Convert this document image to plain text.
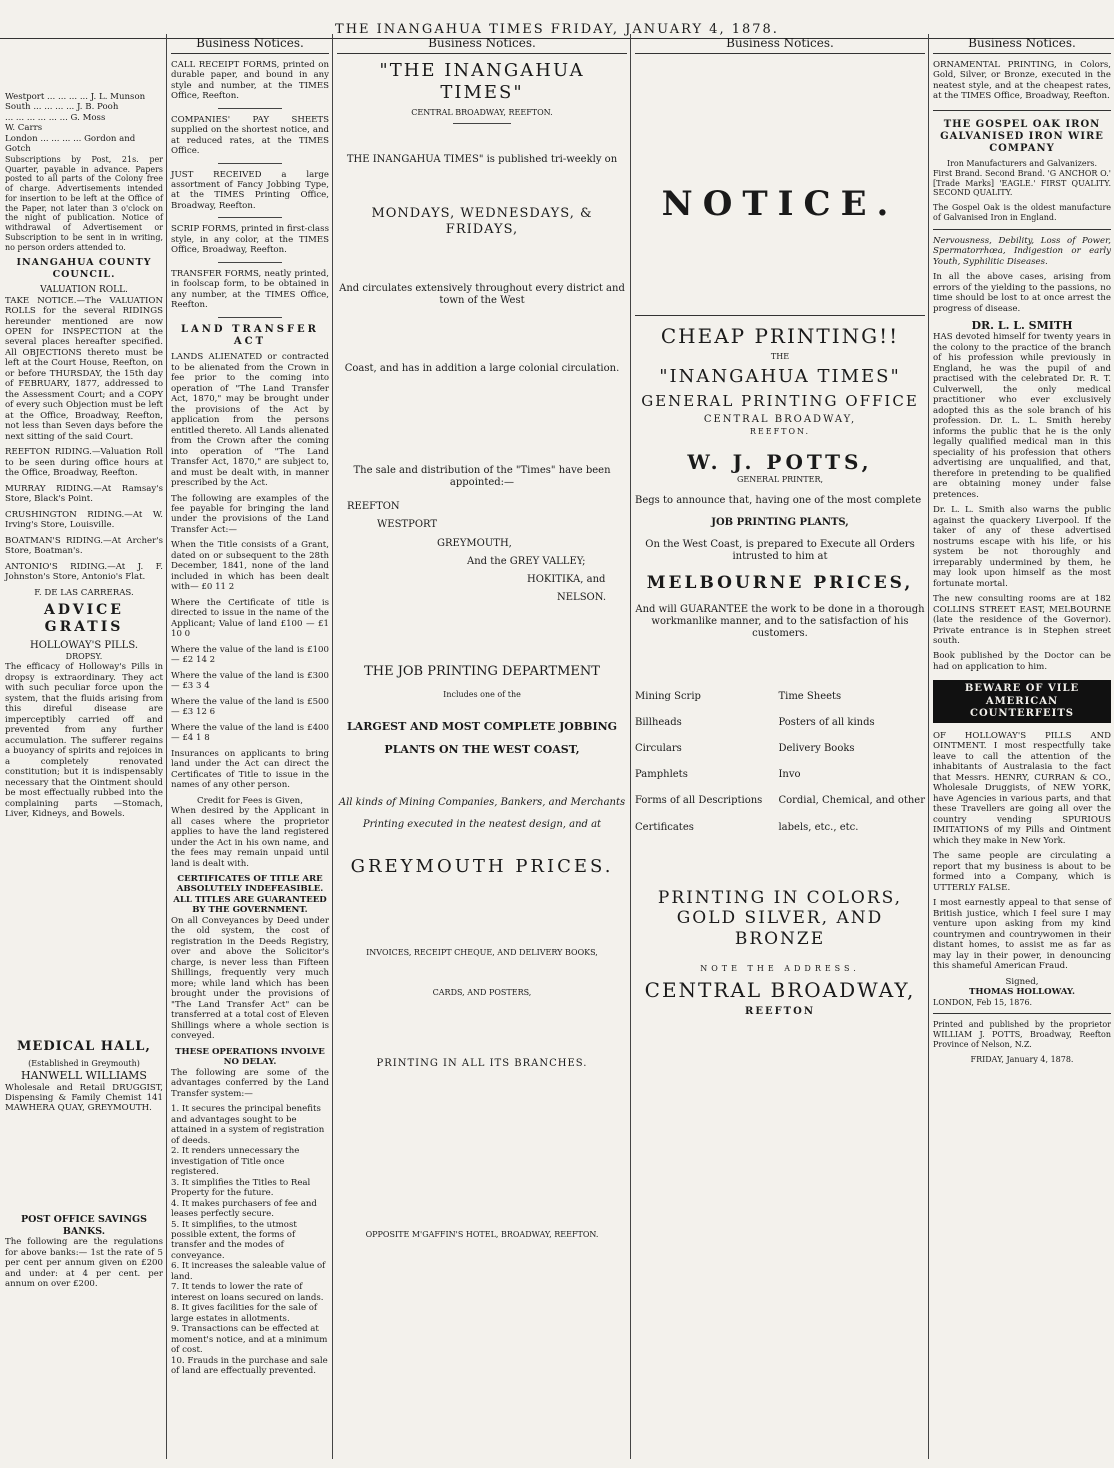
THE INANGAHUA TIMES FRIDAY, JANUARY 4, 1878.
Westport ... ... ... ... J. L. Munson
South ... ... ... ... J. B. Pooh
... ... ... ... ... ... G. Moss
W. Carrs
London ... ... ... ... Gordon and Gotch

Subscriptions by Post, 21s. per Quarter, payable in advance. Papers posted to all parts of the Colony free of charge. Advertisements intended for insertion to be left at the Office of the Paper, not later than 3 o'clock on the night of publication. Notice of withdrawal of Advertisement or Subscription to be sent in in writing, no person orders attended to.

INANGAHUA COUNTY COUNCIL.
VALUATION ROLL.

TAKE NOTICE.—The VALUATION ROLLS for the several RIDINGS hereunder mentioned are now OPEN for INSPECTION at the several places hereafter specified. All OBJECTIONS thereto must be left at the Court House, Reefton, on or before THURSDAY, the 15th day of FEBRUARY, 1877, addressed to the Assessment Court; and a COPY of every such Objection must be left at the Office, Broadway, Reefton, not less than Seven days before the next sitting of the said Court.

REEFTON RIDING.—Valuation Roll to be seen during office hours at the Office, Broadway, Reefton.

MURRAY RIDING.—At Ramsay's Store, Black's Point.

CRUSHINGTON RIDING.—At W. Irving's Store, Louisville.

BOATMAN'S RIDING.—At Archer's Store, Boatman's.

ANTONIO'S RIDING.—At J. F. Johnston's Store, Antonio's Flat.

F. DE LAS CARRERAS.
ADVICE GRATIS
HOLLOWAY'S PILLS.
DROPSY.

The efficacy of Holloway's Pills in dropsy is extraordinary. They act with such peculiar force upon the system, that the fluids arising from this direful disease are imperceptibly carried off and prevented from any further accumulation. The sufferer regains a buoyancy of spirits and rejoices in a completely renovated constitution; but it is indispensably necessary that the Ointment should be most effectually rubbed into the complaining parts —Stomach, Liver, Kidneys, and Bowels.

MEDICAL HALL,
(Established in Greymouth)
HANWELL WILLIAMS

Wholesale and Retail DRUGGIST, Dispensing & Family Chemist 141 MAWHERA QUAY, GREYMOUTH.

POST OFFICE SAVINGS BANKS.

The following are the regulations for above banks:— 1st the rate of 5 per cent per annum given on £200 and under: at 4 per cent. per annum on over £200.

Business Notices.

CALL RECEIPT FORMS, printed on durable paper, and bound in any style and number, at the TIMES Office, Reefton.

COMPANIES' PAY SHEETS supplied on the shortest notice, and at reduced rates, at the TIMES Office.

JUST RECEIVED a large assortment of Fancy Jobbing Type, at the TIMES Printing Office, Broadway, Reefton.

SCRIP FORMS, printed in first-class style, in any color, at the TIMES Office, Broadway, Reefton.

TRANSFER FORMS, neatly printed, in foolscap form, to be obtained in any number, at the TIMES Office, Reefton.

LAND TRANSFER ACT

LANDS ALIENATED or contracted to be alienated from the Crown in fee prior to the coming into operation of "The Land Transfer Act, 1870," may be brought under the provisions of the Act by application from the persons entitled thereto. All Lands alienated from the Crown after the coming into operation of "The Land Transfer Act, 1870," are subject to, and must be dealt with, in manner prescribed by the Act.

The following are examples of the fee payable for bringing the land under the provisions of the Land Transfer Act:—

When the Title consists of a Grant, dated on or subsequent to the 28th December, 1841, none of the land included in which has been dealt with— £0 11 2

Where the Certificate of title is directed to issue in the name of the Applicant; Value of land £100 — £1 10 0

Where the value of the land is £100 — £2 14 2

Where the value of the land is £300 — £3 3 4

Where the value of the land is £500 — £3 12 6

Where the value of the land is £400 — £4 1 8

Insurances on applicants to bring land under the Act can direct the Certificates of Title to issue in the names of any other person.

Credit for Fees is Given,

When desired by the Applicant in all cases where the proprietor applies to have the land registered under the Act in his own name, and the fees may remain unpaid until land is dealt with.

CERTIFICATES OF TITLE ARE ABSOLUTELY INDEFEASIBLE.
ALL TITLES ARE GUARANTEED BY THE GOVERNMENT.

On all Conveyances by Deed under the old system, the cost of registration in the Deeds Registry, over and above the Solicitor's charge, is never less than Fifteen Shillings, frequently very much more; while land which has been brought under the provisions of "The Land Transfer Act" can be transferred at a total cost of Eleven Shillings where a whole section is conveyed.

THESE OPERATIONS INVOLVE NO DELAY.

The following are some of the advantages conferred by the Land Transfer system:—

1. It secures the principal benefits and advantages sought to be attained in a system of registration of deeds.
2. It renders unnecessary the investigation of Title once registered.
3. It simplifies the Titles to Real Property for the future.
4. It makes purchasers of fee and leases perfectly secure.
5. It simplifies, to the utmost possible extent, the forms of transfer and the modes of conveyance.
6. It increases the saleable value of land.
7. It tends to lower the rate of interest on loans secured on lands.
8. It gives facilities for the sale of large estates in allotments.
9. Transactions can be effected at moment's notice, and at a minimum of cost.
10. Frauds in the purchase and sale of land are effectually prevented.
Business Notices.
"THE INANGAHUA TIMES"
CENTRAL BROADWAY, REEFTON.

THE INANGAHUA TIMES" is published tri-weekly on

MONDAYS, WEDNESDAYS, & FRIDAYS,

And circulates extensively throughout every district and town of the West

Coast, and has in addition a large colonial circulation.

The sale and distribution of the "Times" have been appointed:—

REEFTON

WESTPORT

GREYMOUTH,

And the GREY VALLEY;

HOKITIKA, and

NELSON.

THE JOB PRINTING DEPARTMENT

Includes one of the

LARGEST AND MOST COMPLETE JOBBING

PLANTS ON THE WEST COAST,

All kinds of Mining Companies, Bankers, and Merchants

Printing executed in the neatest design, and at

GREYMOUTH PRICES.

INVOICES, RECEIPT CHEQUE, AND DELIVERY BOOKS,

CARDS, AND POSTERS,

PRINTING IN ALL ITS BRANCHES.

OPPOSITE M'GAFFIN'S HOTEL, BROADWAY, REEFTON.

Business Notices.
NOTICE.
CHEAP PRINTING!!
THE
"INANGAHUA TIMES"
GENERAL PRINTING OFFICE
CENTRAL BROADWAY,
REEFTON.
W. J. POTTS,
GENERAL PRINTER,

Begs to announce that, having one of the most complete

JOB PRINTING PLANTS,

On the West Coast, is prepared to Execute all Orders intrusted to him at

MELBOURNE PRICES,

And will GUARANTEE the work to be done in a thorough workmanlike manner, and to the satisfaction of his customers.

Mining Scrip
Billheads
Circulars
Pamphlets
Forms of all Descriptions
Certificates
Time Sheets
Posters of all kinds
Delivery Books
Invo
Cordial, Chemical, and other
labels, etc., etc.
PRINTING IN COLORS, GOLD SILVER, AND BRONZE
NOTE THE ADDRESS.
CENTRAL BROADWAY,
REEFTON
Business Notices.

ORNAMENTAL PRINTING, in Colors, Gold, Silver, or Bronze, executed in the neatest style, and at the cheapest rates, at the TIMES Office, Broadway, Reefton.

THE GOSPEL OAK IRON GALVANISED IRON WIRE COMPANY
Iron Manufacturers and Galvanizers.

First Brand. Second Brand. 'G ANCHOR O.' [Trade Marks] 'EAGLE.' FIRST QUALITY. SECOND QUALITY.

The Gospel Oak is the oldest manufacture of Galvanised Iron in England.

Nervousness, Debility, Loss of Power, Spermatorrhœa, Indigestion or early Youth, Syphilitic Diseases.

In all the above cases, arising from errors of the yielding to the passions, no time should be lost to at once arrest the progress of disease.

DR. L. L. SMITH

HAS devoted himself for twenty years in the colony to the practice of the branch of his profession while previously in England, he was the pupil of and practised with the celebrated Dr. R. T. Culverwell, the only medical practitioner who ever exclusively adopted this as the sole branch of his profession. Dr. L. L. Smith hereby informs the public that he is the only legally qualified medical man in this speciality of his profession that others advertising are unqualified, and that, therefore in pretending to be qualified are obtaining money under false pretences.

Dr. L. L. Smith also warns the public against the quackery Liverpool. If the taker of any of these advertised nostrums escape with his life, or his system be not thoroughly and irreparably undermined by them, he may look upon himself as the most fortunate mortal.

The new consulting rooms are at 182 COLLINS STREET EAST, MELBOURNE (late the residence of the Governor). Private entrance is in Stephen street south.

Book published by the Doctor can be had on application to him.

BEWARE OF VILE AMERICAN COUNTERFEITS

OF HOLLOWAY'S PILLS AND OINTMENT. I most respectfully take leave to call the attention of the inhabitants of Australasia to the fact that Messrs. HENRY, CURRAN & CO., Wholesale Druggists, of NEW YORK, have Agencies in various parts, and that these Travellers are going all over the country vending SPURIOUS IMITATIONS of my Pills and Ointment which they make in New York.

The same people are circulating a report that my business is about to be formed into a Company, which is UTTERLY FALSE.

I most earnestly appeal to that sense of British justice, which I feel sure I may venture upon asking from my kind countrymen and countrywomen in their distant homes, to assist me as far as may lay in their power, in denouncing this shameful American Fraud.

Signed,
THOMAS HOLLOWAY.
LONDON, Feb 15, 1876.

Printed and published by the proprietor WILLIAM J. POTTS, Broadway, Reefton Province of Nelson, N.Z.

FRIDAY, January 4, 1878.
